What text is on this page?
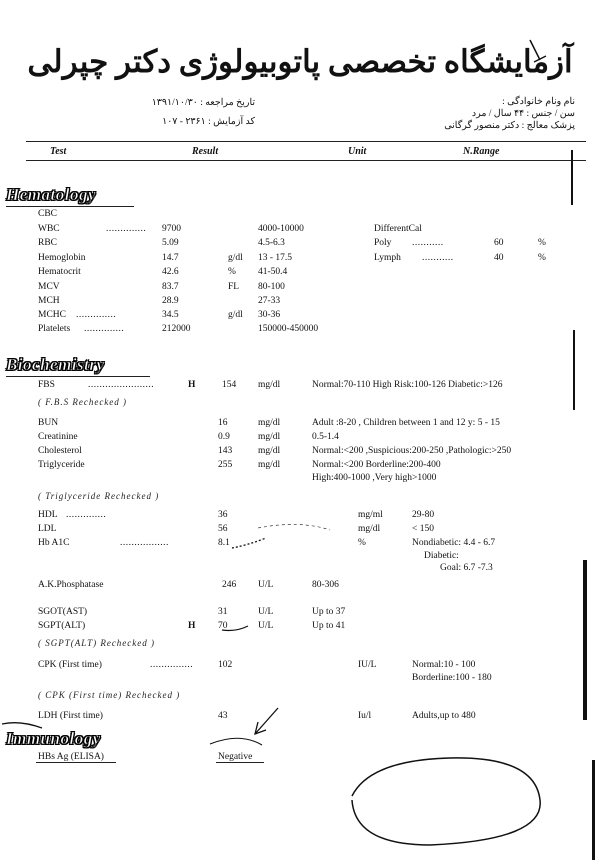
آزمایشگاه تخصصی پاتوبیولوژی دکتر چپرلی
نام ونام خانوادگی :
سن / جنس : ۴۴ سال / مرد
پزشک معالج : دکتر منصور گرگانی
تاریخ مراجعه : ۱۳۹۱/۱۰/۳۰
کد آزمایش : ۲۳۶۱ - ۱۰۷
Test	Result	Unit	N.Range
Hematology
CBC
WBC	.............. 9700	4000-10000
RBC	5.09	4.5-6.3
Hemoglobin	14.7	g/dl 13 - 17.5
Hematocrit	42.6	% 41-50.4
MCV	83.7	FL 80-100
MCH	28.9	27-33
MCHC ..............	34.5	g/dl 30-36
Platelets ..............	212000	150000-450000
DifferentCal
Poly ...........	60	%
Lymph ...........	40	%
Biochemistry
FBS	.......................	H	154 mg/dl	Normal:70-110 High Risk:100-126 Diabetic:>126
( F.B.S Rechecked )
BUN	16	mg/dl	Adult :8-20 , Children between 1 and 12 y: 5 - 15
Creatinine	0.9	mg/dl	0.5-1.4
Cholesterol	143	mg/dl	Normal:<200 ,Suspicious:200-250 ,Pathologic:>250
Triglyceride	255	mg/dl	Normal:<200 Borderline:200-400
High:400-1000 ,Very high>1000
( Triglyceride Rechecked )
HDL ..............	36	mg/ml	29-80
LDL	56	mg/dl	< 150
Hb A1C	.................	8.1	%	Nondiabetic: 4.4 - 6.7
Diabetic:
Goal: 6.7 -7.3
A.K.Phosphatase	246 U/L	80-306
SGOT(AST)	31	U/L	Up to 37
SGPT(ALT)	H 70	U/L	Up to 41
( SGPT(ALT) Rechecked )
CPK (First time)	...............	102	IU/L	Normal:10 - 100
Borderline:100 - 180
( CPK (First time) Rechecked )
LDH (First time)	43	Iu/l	Adults,up to 480
Immunology
HBs Ag (ELISA)	Negative
